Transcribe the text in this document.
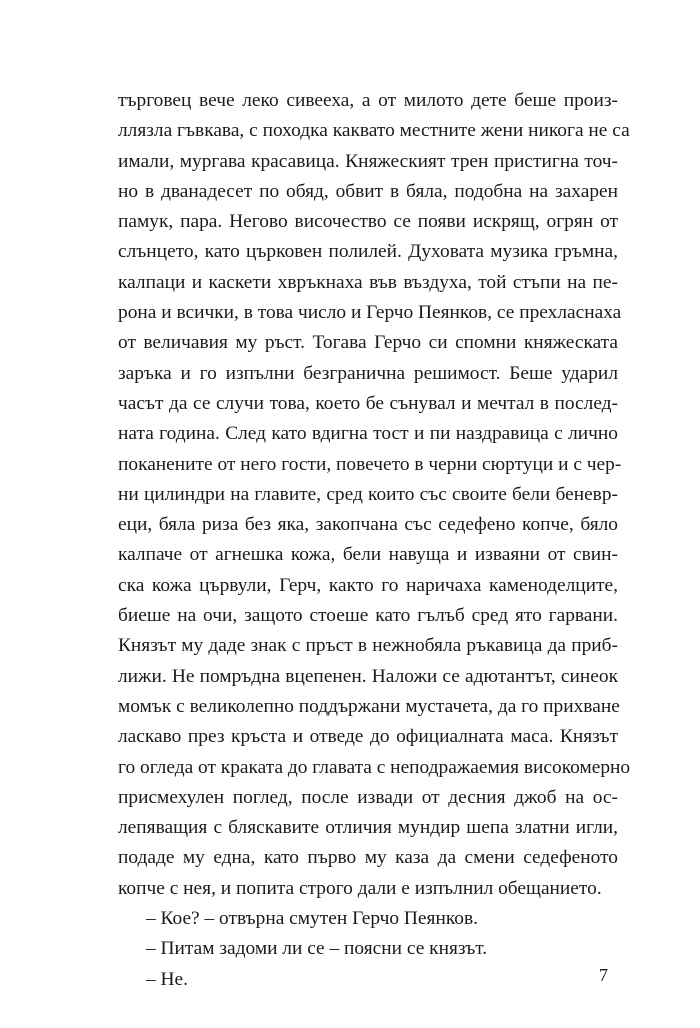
търговец вече леко сивееха, а от милото дете беше произ-
ллязла гъвкава, с походка каквато местните жени никога не са
имали, мургава красавица. Княжеският трен пристигна точ-
но в дванадесет по обяд, обвит в бяла, подобна на захарен
памук, пара. Негово височество се появи искрящ, огрян от
слънцето, като църковен полилей. Духовата музика гръмна,
калпаци и каскети хвръкнаха във въздуха, той стъпи на пе-
рона и всички, в това число и Герчо Пеянков, се прехласнаха
от величавия му ръст. Тогава Герчо си спомни княжеската
заръка и го изпълни безгранична решимост. Беше ударил
часът да се случи това, което бе сънувал и мечтал в послед-
ната година. След като вдигна тост и пи наздравица с лично
поканените от него гости, повечето в черни сюртуци и с чер-
ни цилиндри на главите, сред които със своите бели беневр-
еци, бяла риза без яка, закопчана със седефено копче, бяло
калпаче от агнешка кожа, бели навуща и изваяни от свин-
ска кожа цървули, Герч, както го наричаха каменоделците,
биеше на очи, защото стоеше като гълъб сред ято гарвани.
Князът му даде знак с пръст в нежнобяла ръкавица да приб-
лижи. Не помръдна вцепенен. Наложи се адютантът, синеок
момък с великолепно поддържани мустачета, да го прихване
ласкаво през кръста и отведе до официалната маса. Князът
го огледа от краката до главата с неподражаемия високомерно
присмехулен поглед, после извади от десния джоб на ос-
лепяващия с бляскавите отличия мундир шепа златни игли,
подаде му една, като първо му каза да смени седефеното
копче с нея, и попита строго дали е изпълнил обещанието.
– Кое? – отвърна смутен Герчо Пеянков.
– Питам задоми ли се – поясни се князът.
– Не.	7
